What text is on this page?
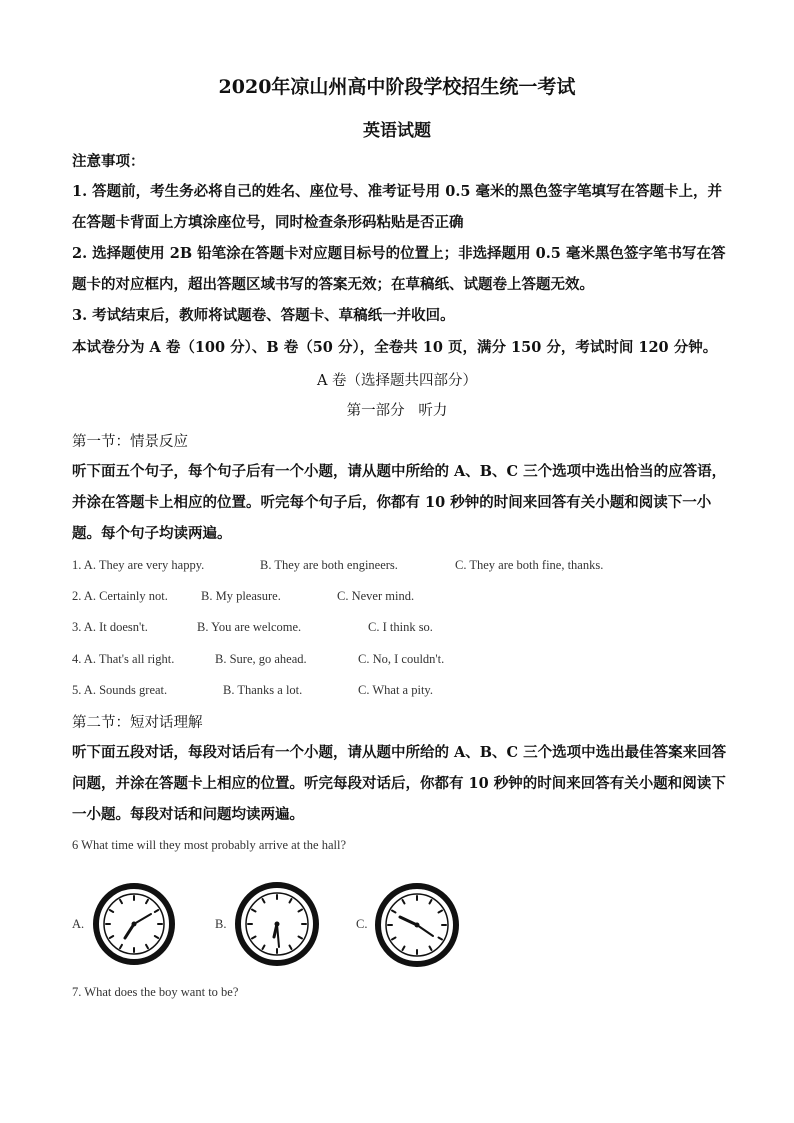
2020年凉山州高中阶段学校招生统一考试
英语试题
注意事项：
1. 答题前，考生务必将自己的姓名、座位号、准考证号用 0.5 毫米的黑色签字笔填写在答题卡上，并在答题卡背面上方填涂座位号，同时检查条形码粘贴是否正确
2. 选择题使用 2B 铅笔涂在答题卡对应题目标号的位置上；非选择题用 0.5 毫米黑色签字笔书写在答题卡的对应框内，超出答题区域书写的答案无效；在草稿纸、试题卷上答题无效。
3. 考试结束后，教师将试题卷、答题卡、草稿纸一并收回。
本试卷分为 A 卷（100 分）、B 卷（50 分），全卷共 10 页，满分 150 分，考试时间 120 分钟。
A 卷（选择题共四部分）
第一部分   听力
第一节：情景反应
听下面五个句子，每个句子后有一个小题，请从题中所给的 A、B、C 三个选项中选出恰当的应答语，并涂在答题卡上相应的位置。听完每个句子后，你都有 10 秒钟的时间来回答有关小题和阅读下一小题。每个句子均读两遍。
1. A. They are very happy.	B. They are both engineers.	C. They are both fine, thanks.
2. A. Certainly not.	B. My pleasure.	C. Never mind.
3. A. It doesn't.	B. You are welcome.	C. I think so.
4. A. That's all right.	B. Sure, go ahead.	C. No, I couldn't.
5. A. Sounds great.	B. Thanks a lot.	C. What a pity.
第二节：短对话理解
听下面五段对话，每段对话后有一个小题，请从题中所给的 A、B、C 三个选项中选出最佳答案来回答问题，并涂在答题卡上相应的位置。听完每段对话后，你都有 10 秒钟的时间来回答有关小题和阅读下一小题。每段对话和问题均读两遍。
6 What time will they most probably arrive at the hall?
A.	B.	C.
7. What does the boy want to be?
